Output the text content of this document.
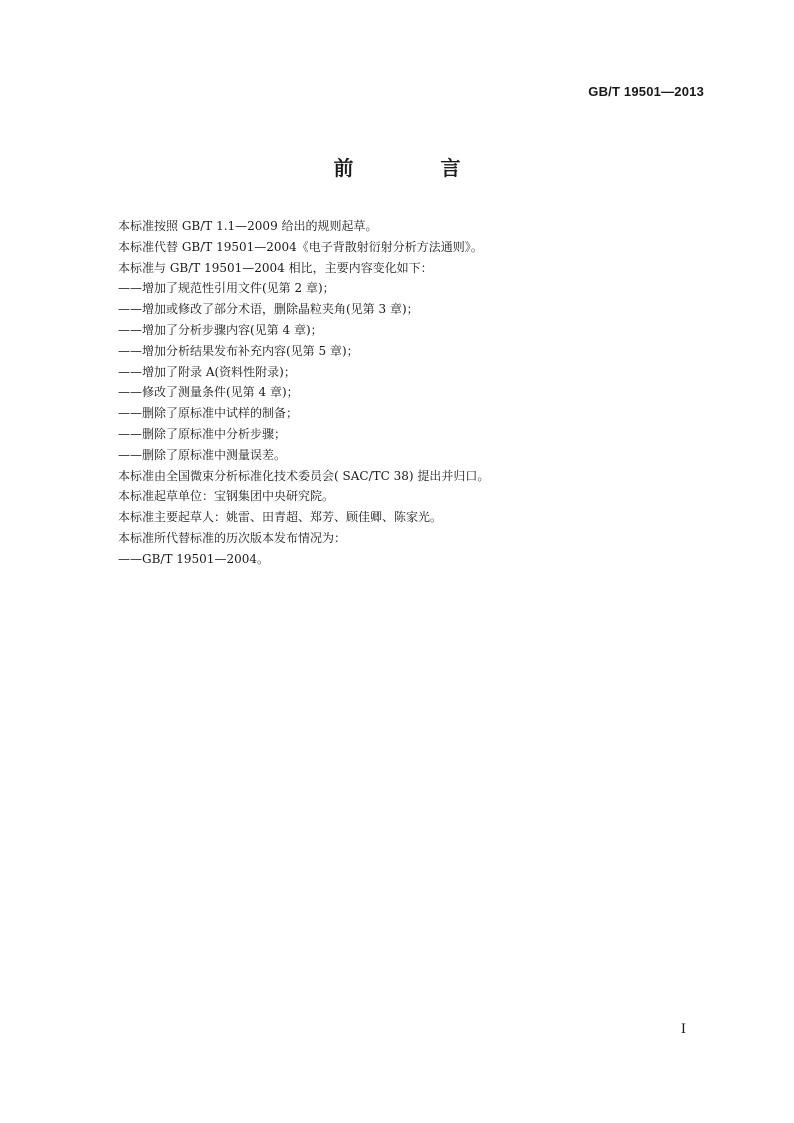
GB/T 19501—2013
前 言
本标准按照 GB/T 1.1—2009 给出的规则起草。
本标准代替 GB/T 19501—2004《电子背散射衍射分析方法通则》。
本标准与 GB/T 19501—2004 相比，主要内容变化如下：
——增加了规范性引用文件(见第 2 章)；
——增加或修改了部分术语，删除晶粒夹角(见第 3 章)；
——增加了分析步骤内容(见第 4 章)；
——增加分析结果发布补充内容(见第 5 章)；
——增加了附录 A(资料性附录)；
——修改了测量条件(见第 4 章)；
——删除了原标准中试样的制备；
——删除了原标准中分析步骤；
——删除了原标准中测量误差。
本标准由全国微束分析标准化技术委员会( SAC/TC 38) 提出并归口。
本标准起草单位：宝钢集团中央研究院。
本标准主要起草人：姚雷、田青超、郑芳、顾佳卿、陈家光。
本标准所代替标准的历次版本发布情况为：
——GB/T 19501—2004。
I
